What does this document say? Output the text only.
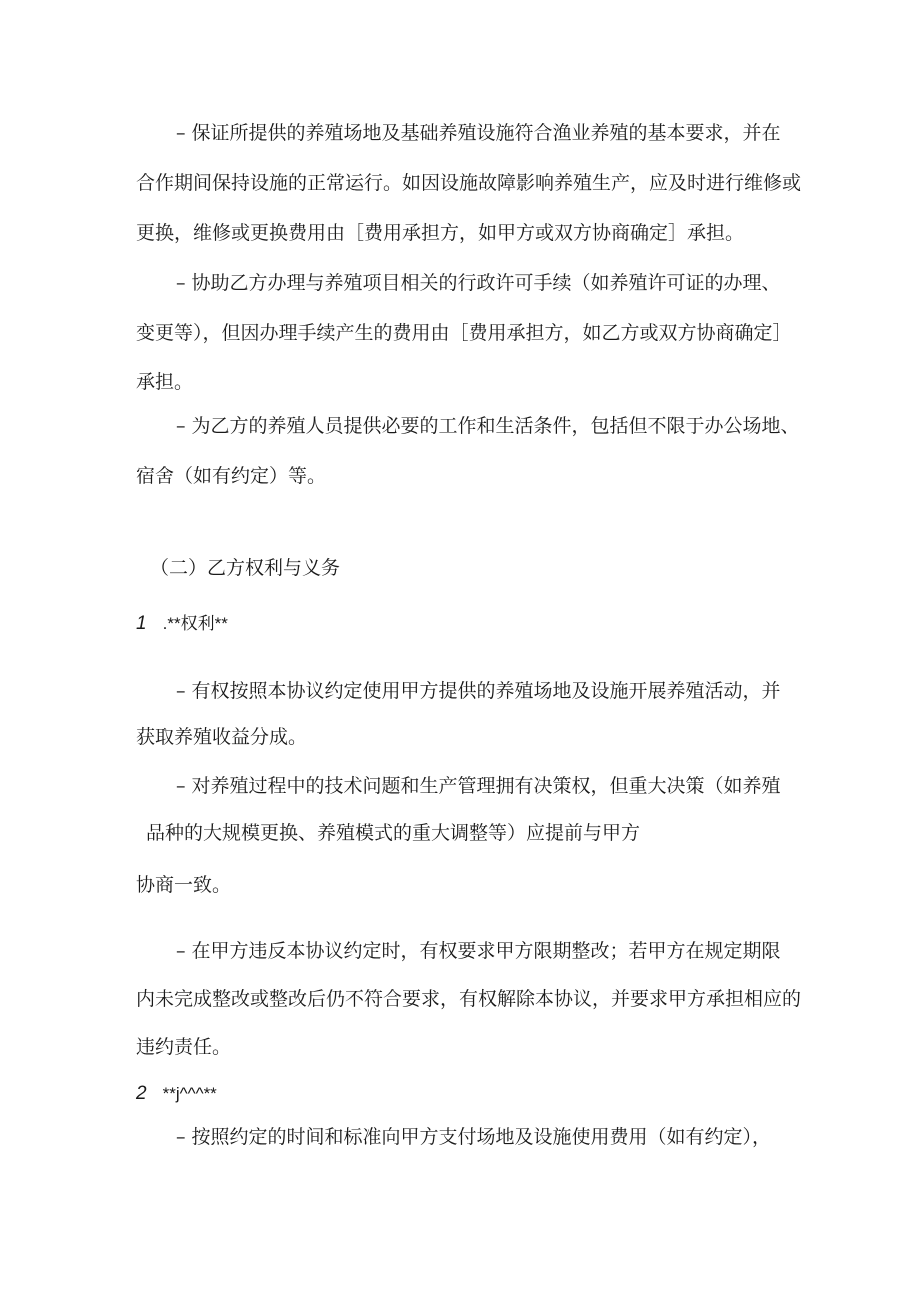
– 保证所提供的养殖场地及基础养殖设施符合渔业养殖的基本要求，并在

合作期间保持设施的正常运行。如因设施故障影响养殖生产，应及时进行维修或

更换，维修或更换费用由［费用承担方，如甲方或双方协商确定］承担。

– 协助乙方办理与养殖项目相关的行政许可手续（如养殖许可证的办理、

变更等），但因办理手续产生的费用由［费用承担方，如乙方或双方协商确定］

承担。

– 为乙方的养殖人员提供必要的工作和生活条件，包括但不限于办公场地、

宿舍（如有约定）等。

（二）乙方权利与义务

1 .**权利**

– 有权按照本协议约定使用甲方提供的养殖场地及设施开展养殖活动，并

获取养殖收益分成。

– 对养殖过程中的技术问题和生产管理拥有决策权，但重大决策（如养殖

品种的大规模更换、养殖模式的重大调整等）应提前与甲方

协商一致。

– 在甲方违反本协议约定时，有权要求甲方限期整改；若甲方在规定期限

内未完成整改或整改后仍不符合要求，有权解除本协议，并要求甲方承担相应的

违约责任。

2 **j^^^**

– 按照约定的时间和标准向甲方支付场地及设施使用费用（如有约定），
